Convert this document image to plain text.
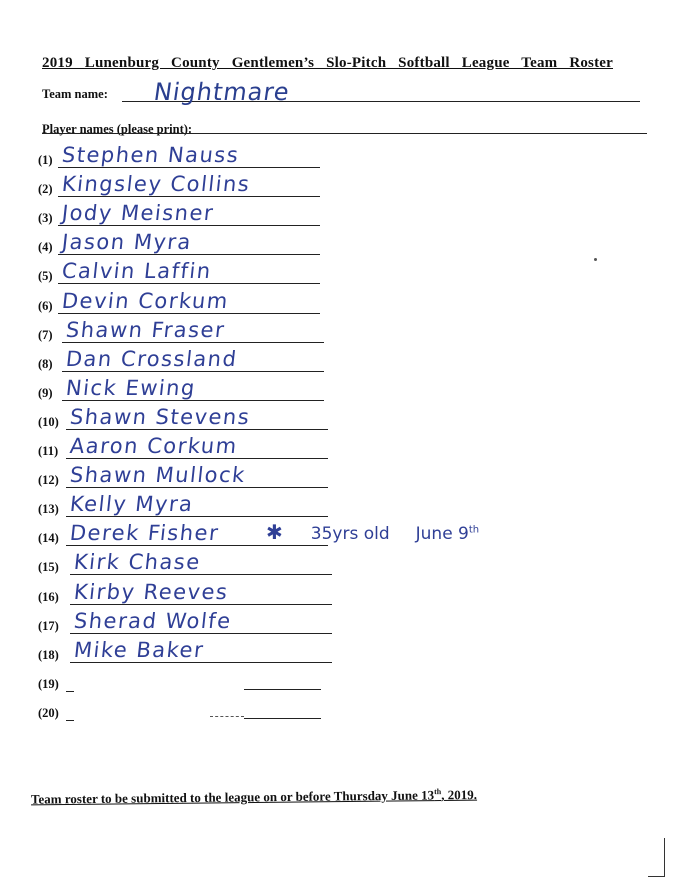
2019 Lunenburg County Gentlemen’s Slo-Pitch Softball League Team Roster
Team name: Nightmare
Player names (please print):
(1) Stephen Nauss
(2) Kingsley Collins
(3) Jody Meisner
(4) Jason Myra
(5) Calvin Laffin
(6) Devin Corkum
(7) Shawn Fraser
(8) Dan Crossland
(9) Nick Ewing
(10) Shawn Stevens
(11) Aaron Corkum
(12) Shawn Mullock
(13) Kelly Myra
(14) Derek Fisher ✱ 35yrs old June 9th
(15) Kirk Chase
(16) Kirby Reeves
(17) Sherad Wolfe
(18) Mike Baker
(19)
(20)
Team roster to be submitted to the league on or before Thursday June 13th, 2019.
